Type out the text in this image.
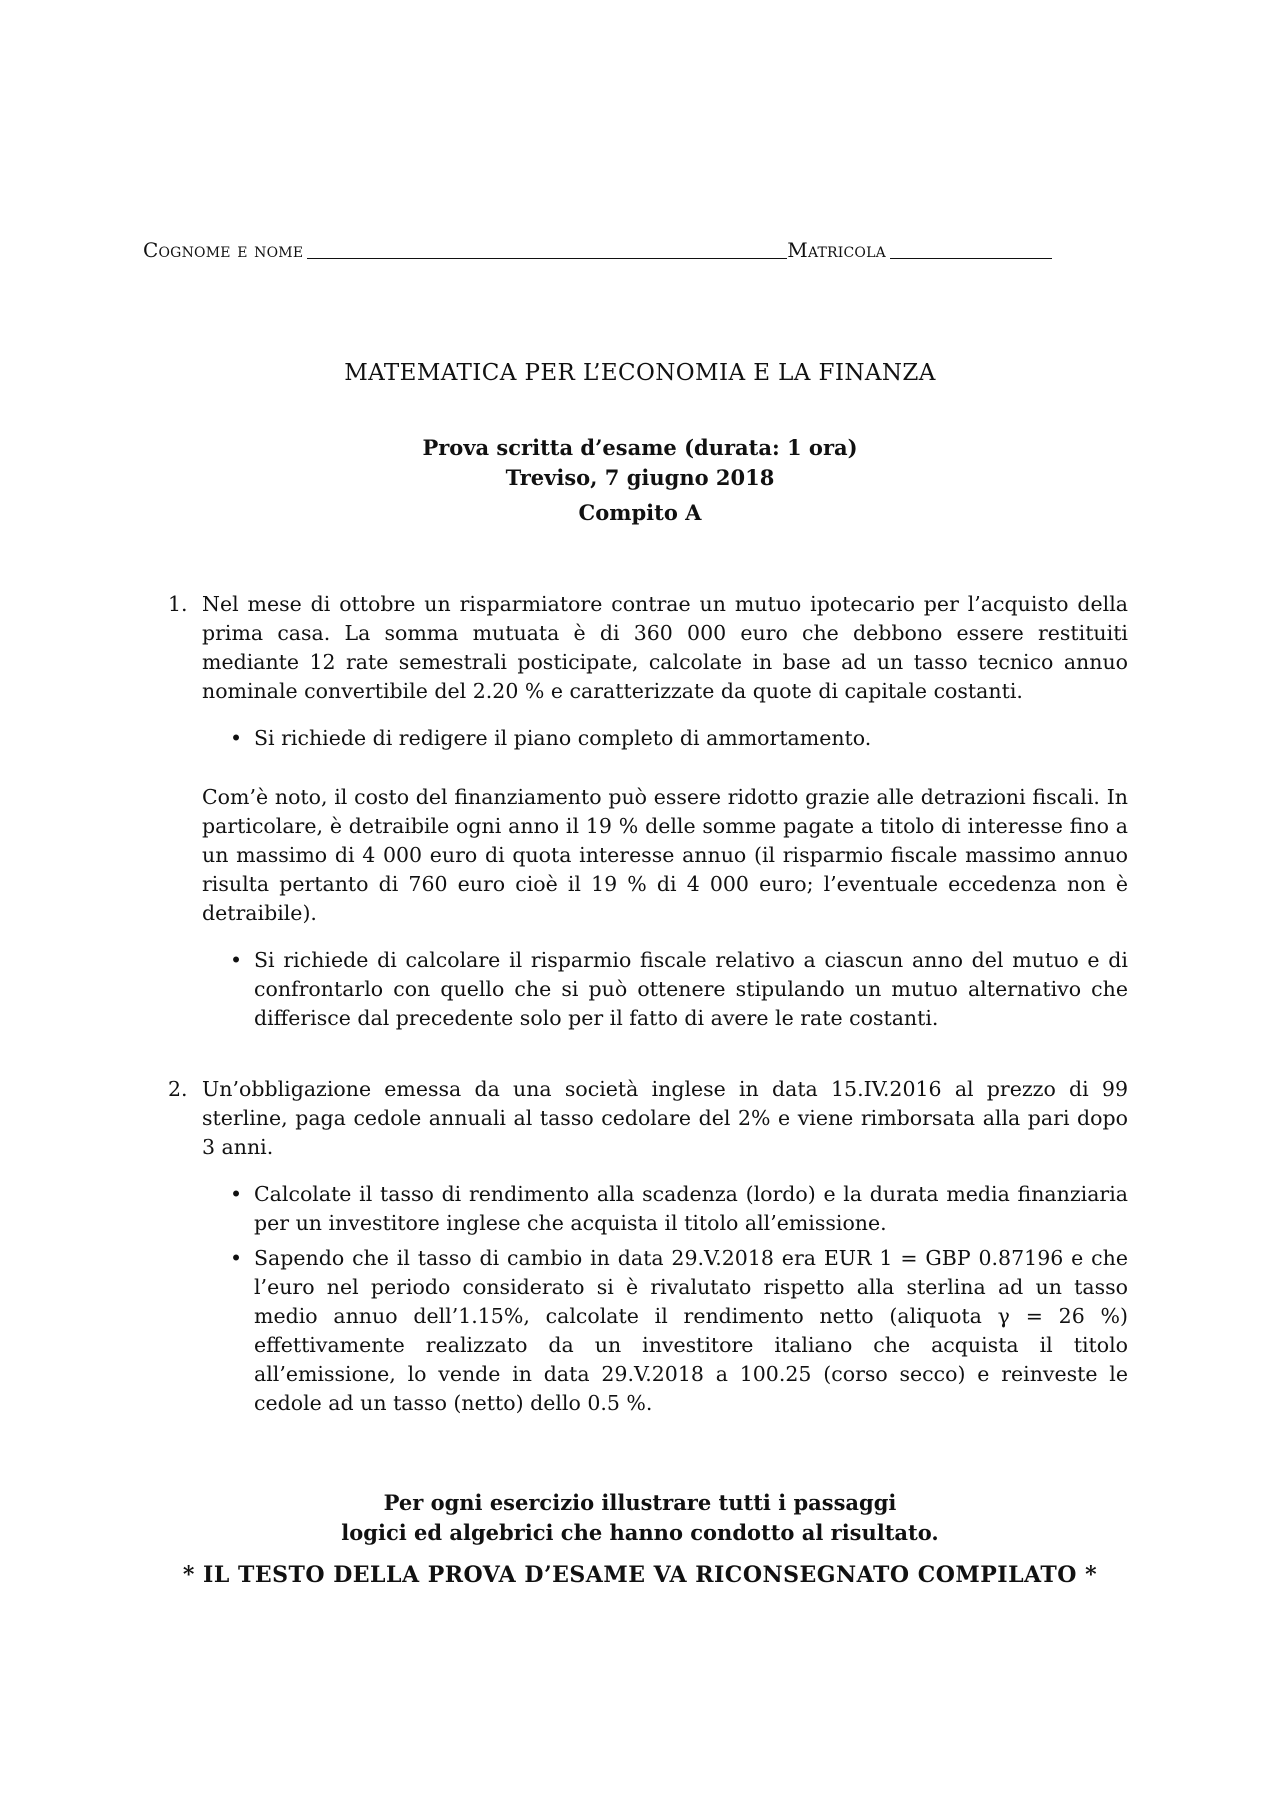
Cognome e nome	Matricola
MATEMATICA PER L’ECONOMIA E LA FINANZA
Prova scritta d’esame (durata: 1 ora)
Treviso, 7 giugno 2018
Compito A
1. Nel mese di ottobre un risparmiatore contrae un mutuo ipotecario per l’acquisto della prima casa. La somma mutuata è di 360 000 euro che debbono essere restituiti mediante 12 rate semestrali posticipate, calcolate in base ad un tasso tecnico annuo nominale convertibile del 2.20 % e caratterizzate da quote di capitale costanti.
• Si richiede di redigere il piano completo di ammortamento.
Com’è noto, il costo del finanziamento può essere ridotto grazie alle detrazioni fiscali. In particolare, è detraibile ogni anno il 19 % delle somme pagate a titolo di interesse fino a un massimo di 4 000 euro di quota interesse annuo (il risparmio fiscale massimo annuo risulta pertanto di 760 euro cioè il 19 % di 4 000 euro; l’eventuale eccedenza non è detraibile).
• Si richiede di calcolare il risparmio fiscale relativo a ciascun anno del mutuo e di confrontarlo con quello che si può ottenere stipulando un mutuo alternativo che differisce dal precedente solo per il fatto di avere le rate costanti.
2. Un’obbligazione emessa da una società inglese in data 15.IV.2016 al prezzo di 99 sterline, paga cedole annuali al tasso cedolare del 2% e viene rimborsata alla pari dopo 3 anni.
• Calcolate il tasso di rendimento alla scadenza (lordo) e la durata media finanziaria per un investitore inglese che acquista il titolo all’emissione.
• Sapendo che il tasso di cambio in data 29.V.2018 era EUR 1 = GBP 0.87196 e che l’euro nel periodo considerato si è rivalutato rispetto alla sterlina ad un tasso medio annuo dell’1.15%, calcolate il rendimento netto (aliquota γ = 26 %) effettivamente realizzato da un investitore italiano che acquista il titolo all’emissione, lo vende in data 29.V.2018 a 100.25 (corso secco) e reinveste le cedole ad un tasso (netto) dello 0.5 %.
Per ogni esercizio illustrare tutti i passaggi
logici ed algebrici che hanno condotto al risultato.
* IL TESTO DELLA PROVA D’ESAME VA RICONSEGNATO COMPILATO *
